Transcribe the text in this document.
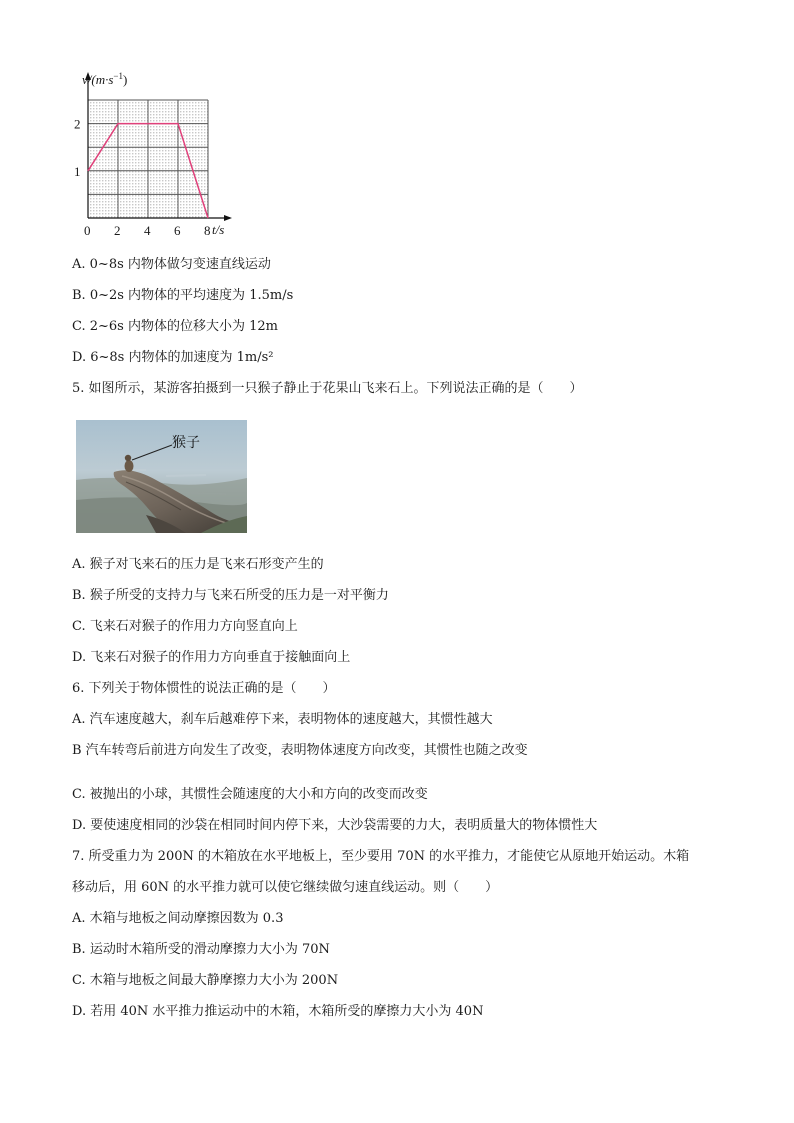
0 2 4 6 8
2
1
$v/(m\cdot s^{-1})$
t/s
A. 0~8s 内物体做匀变速直线运动
B. 0~2s 内物体的平均速度为 1.5m/s
C. 2~6s 内物体的位移大小为 12m
D. 6~8s 内物体的加速度为 1m/s²
5. 如图所示，某游客拍摄到一只猴子静止于花果山飞来石上。下列说法正确的是（　　）
猴子
A. 猴子对飞来石的压力是飞来石形变产生的
B. 猴子所受的支持力与飞来石所受的压力是一对平衡力
C. 飞来石对猴子的作用力方向竖直向上
D. 飞来石对猴子的作用力方向垂直于接触面向上
6. 下列关于物体惯性的说法正确的是（　　）
A. 汽车速度越大，刹车后越难停下来，表明物体的速度越大，其惯性越大
B 汽车转弯后前进方向发生了改变，表明物体速度方向改变，其惯性也随之改变
C. 被抛出的小球，其惯性会随速度的大小和方向的改变而改变
D. 要使速度相同的沙袋在相同时间内停下来，大沙袋需要的力大，表明质量大的物体惯性大
7. 所受重力为 200N 的木箱放在水平地板上，至少要用 70N 的水平推力，才能使它从原地开始运动。木箱
移动后，用 60N 的水平推力就可以使它继续做匀速直线运动。则（　　）
A. 木箱与地板之间动摩擦因数为 0.3
B. 运动时木箱所受的滑动摩擦力大小为 70N
C. 木箱与地板之间最大静摩擦力大小为 200N
D. 若用 40N 水平推力推运动中的木箱，木箱所受的摩擦力大小为 40N
